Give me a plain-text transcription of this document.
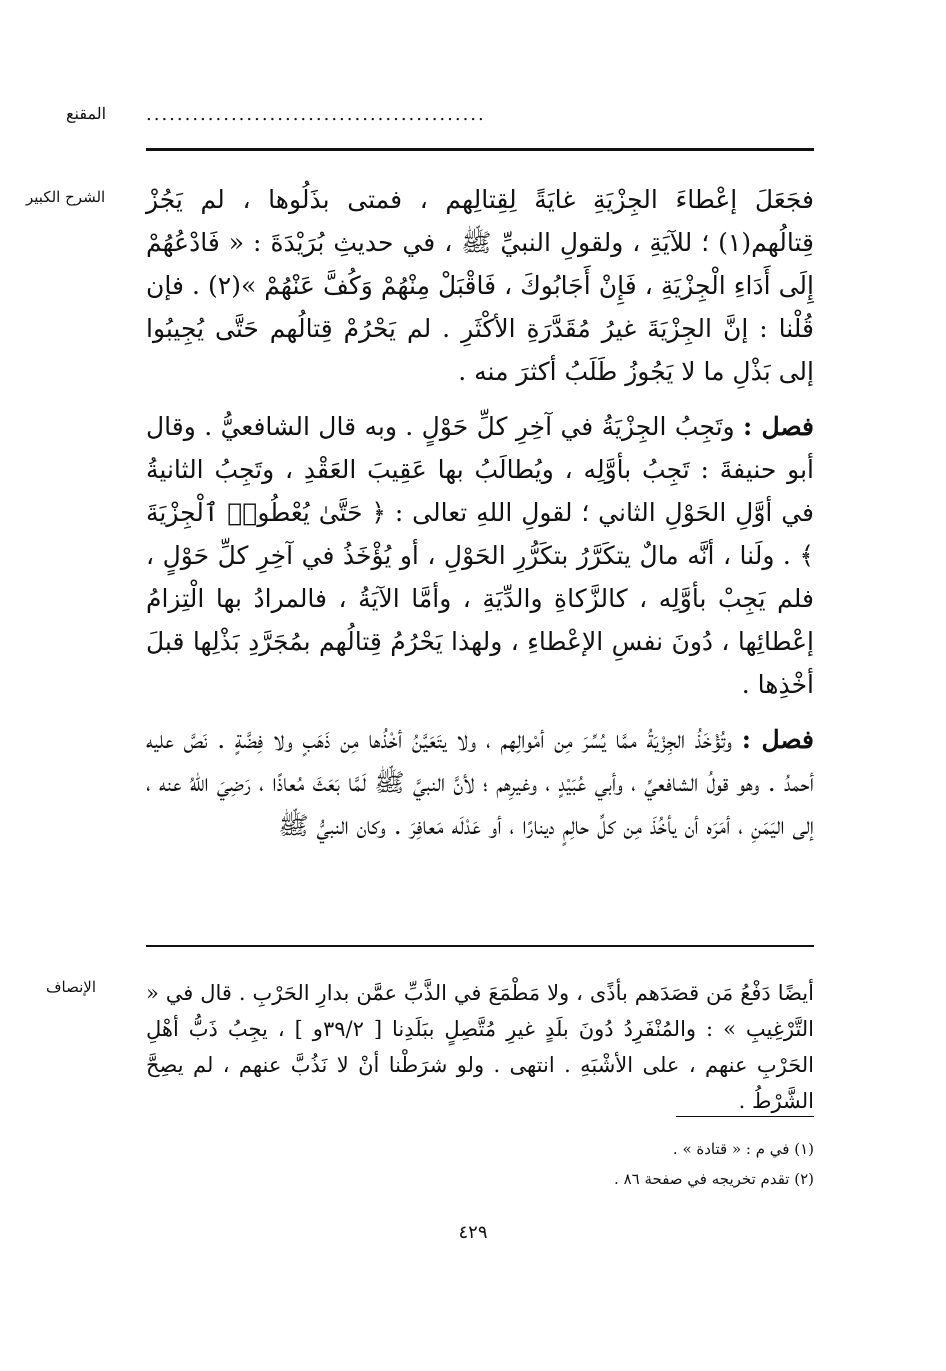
المقنع ............................................
الشرح الكبير فجَعَلَ إعْطاءَ الجِزْيَةِ غايَةً لِقِتالِهم ، فمتى بذَلُوها ، لم يَجُزْ قِتالُهم(١) ؛ للآيَةِ ، ولقولِ النبيِّ ﷺ ، في حديثِ بُرَيْدَةَ : « فَادْعُهُمْ إِلَى أَدَاءِ الْجِزْيَةِ ، فَإِنْ أَجَابُوكَ ، فَاقْبَلْ مِنْهُمْ وَكُفَّ عَنْهُمْ »(٢) . فإن قُلْنا : إنَّ الجِزْيَةَ غيرُ مُقَدَّرَةِ الأكْثَرِ . لم يَحْرُمْ قِتالُهم حَتَّى يُجِيبُوا إلى بَذْلِ ما لا يَجُوزُ طَلَبُ أكثرَ منه .

فصل : وتَجِبُ الجِزْيَةُ في آخِرِ كلِّ حَوْلٍ . وبه قال الشافعيُّ . وقال أبو حنيفةَ : تَجِبُ بأوَّلِه ، ويُطالَبُ بها عَقِيبَ العَقْدِ ، وتَجِبُ الثانيةُ في أوَّلِ الحَوْلِ الثاني ؛ لقولِ اللهِ تعالى : ﴿ حَتَّىٰ يُعْطُوا۟ ٱلْجِزْيَةَ ﴾ . ولَنا ، أنَّه مالٌ يتكَرَّرُ بتكَرُّرِ الحَوْلِ ، أو يُؤْخَذُ في آخِرِ كلِّ حَوْلٍ ، فلم يَجِبْ بأوَّلِه ، كالزَّكاةِ والدِّيَةِ ، وأمَّا الآيَةُ ، فالمرادُ بها الْتِزامُ إعْطائِها ، دُونَ نفسِ الإعْطاءِ ، ولهذا يَحْرُمُ قِتالُهم بمُجَرَّدِ بَذْلِها قبلَ أخْذِها .

فصل : وتُؤْخَذُ الجِزْيَةُ ممَّا يُسِّرَ مِن أمْوالِهم ، ولا يتَعَيَّنُ أخْذُها مِن ذَهَبٍ ولا فِضَّةٍ . نَصَّ عليه أحمدُ . وهو قولُ الشافعيِّ ، وأبي عُبَيْدٍ ، وغيرِهم ؛ لأنَّ النبيَّ ﷺ لَمَّا بَعَثَ مُعاذًا ، رَضِيَ اللهُ عنه ، إلى اليَمَنِ ، أمَرَه أن يأخُذَ مِن كلِّ حالِمٍ دينارًا ، أو عَدْلَه مَعافِرَ . وكان النبيُّ ﷺ

الإنصاف أيضًا دَفْعُ مَن قصَدَهم بأذًى ، ولا مَطْمَعَ في الذَّبِّ عمَّن بدارِ الحَرْبِ . قال في « التَّرْغِيبِ » : والمُنْفَرِدُ دُونَ بلَدٍ غيرِ مُتَّصِلٍ ببَلَدِنا [ ٣٩/٢و ] ، يجِبُ ذَبُّ أهْلِ الحَرْبِ عنهم ، على الأشْبَهِ . انتهى . ولو شرَطْنا أنْ لا نَذُبَّ عنهم ، لم يصِحَّ الشَّرْطُ .

(١) في م : « قتادة » .
(٢) تقدم تخريجه في صفحة ٨٦ .
٤٢٩
